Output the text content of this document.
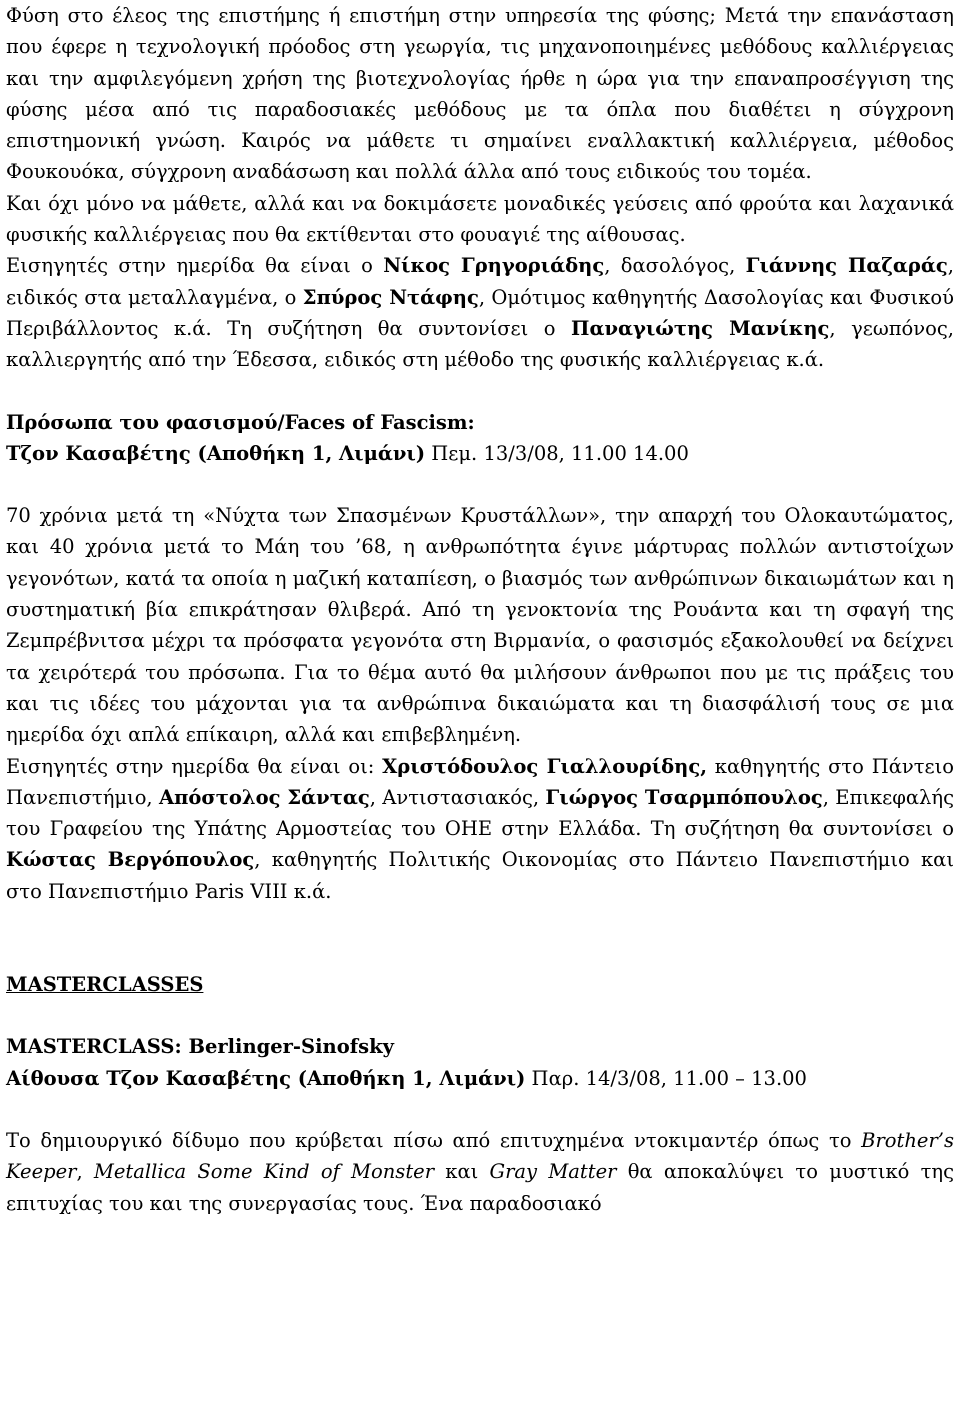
Φύση στο έλεος της επιστήμης ή επιστήμη στην υπηρεσία της φύσης; Μετά την επανάσταση που έφερε η τεχνολογική πρόοδος στη γεωργία, τις μηχανοποιημένες μεθόδους καλλιέργειας και την αμφιλεγόμενη χρήση της βιοτεχνολογίας ήρθε η ώρα για την επαναπροσέγγιση της φύσης μέσα από τις παραδοσιακές μεθόδους με τα όπλα που διαθέτει η σύγχρονη επιστημονική γνώση. Καιρός να μάθετε τι σημαίνει εναλλακτική καλλιέργεια, μέθοδος Φουκουόκα, σύγχρονη αναδάσωση και πολλά άλλα από τους ειδικούς του τομέα.

Και όχι μόνο να μάθετε, αλλά και να δοκιμάσετε μοναδικές γεύσεις από φρούτα και λαχανικά φυσικής καλλιέργειας που θα εκτίθενται στο φουαγιέ της αίθουσας.

Εισηγητές στην ημερίδα θα είναι ο Νίκος Γρηγοριάδης, δασολόγος, Γιάννης Παζαράς, ειδικός στα μεταλλαγμένα, ο Σπύρος Ντάφης, Ομότιμος καθηγητής Δασολογίας και Φυσικού Περιβάλλοντος κ.ά. Τη συζήτηση θα συντονίσει ο Παναγιώτης Μανίκης, γεωπόνος, καλλιεργητής από την Έδεσσα, ειδικός στη μέθοδο της φυσικής καλλιέργειας κ.ά.

Πρόσωπα του φασισμού/Faces of Fascism:

Τζον Κασαβέτης (Αποθήκη 1, Λιμάνι) Πεμ. 13/3/08, 11.00 14.00

70 χρόνια μετά τη «Νύχτα των Σπασμένων Κρυστάλλων», την απαρχή του Ολοκαυτώματος, και 40 χρόνια μετά το Μάη του ’68, η ανθρωπότητα έγινε μάρτυρας πολλών αντιστοίχων γεγονότων, κατά τα οποία η μαζική καταπίεση, ο βιασμός των ανθρώπινων δικαιωμάτων και η συστηματική βία επικράτησαν θλιβερά. Από τη γενοκτονία της Ρουάντα και τη σφαγή της Ζεμπρέβνιτσα μέχρι τα πρόσφατα γεγονότα στη Βιρμανία, ο φασισμός εξακολουθεί να δείχνει τα χειρότερά του πρόσωπα. Για το θέμα αυτό θα μιλήσουν άνθρωποι που με τις πράξεις του και τις ιδέες του μάχονται για τα ανθρώπινα δικαιώματα και τη διασφάλισή τους σε μια ημερίδα όχι απλά επίκαιρη, αλλά και επιβεβλημένη.

Εισηγητές στην ημερίδα θα είναι οι: Χριστόδουλος Γιαλλουρίδης, καθηγητής στο Πάντειο Πανεπιστήμιο, Απόστολος Σάντας, Αντιστασιακός, Γιώργος Τσαρμπόπουλος, Επικεφαλής του Γραφείου της Υπάτης Αρμοστείας του ΟΗΕ στην Ελλάδα. Τη συζήτηση θα συντονίσει ο Κώστας Βεργόπουλος, καθηγητής Πολιτικής Οικονομίας στο Πάντειο Πανεπιστήμιο και στο Πανεπιστήμιο Paris VIII κ.ά.

MASTERCLASSES

MASTERCLASS: Berlinger-Sinofsky

Αίθουσα Τζον Κασαβέτης (Αποθήκη 1, Λιμάνι) Παρ. 14/3/08, 11.00 – 13.00

Το δημιουργικό δίδυμο που κρύβεται πίσω από επιτυχημένα ντοκιμαντέρ όπως το Brother’s Keeper, Metallica Some Kind of Monster και Gray Matter θα αποκαλύψει το μυστικό της επιτυχίας του και της συνεργασίας τους. Ένα παραδοσιακό
